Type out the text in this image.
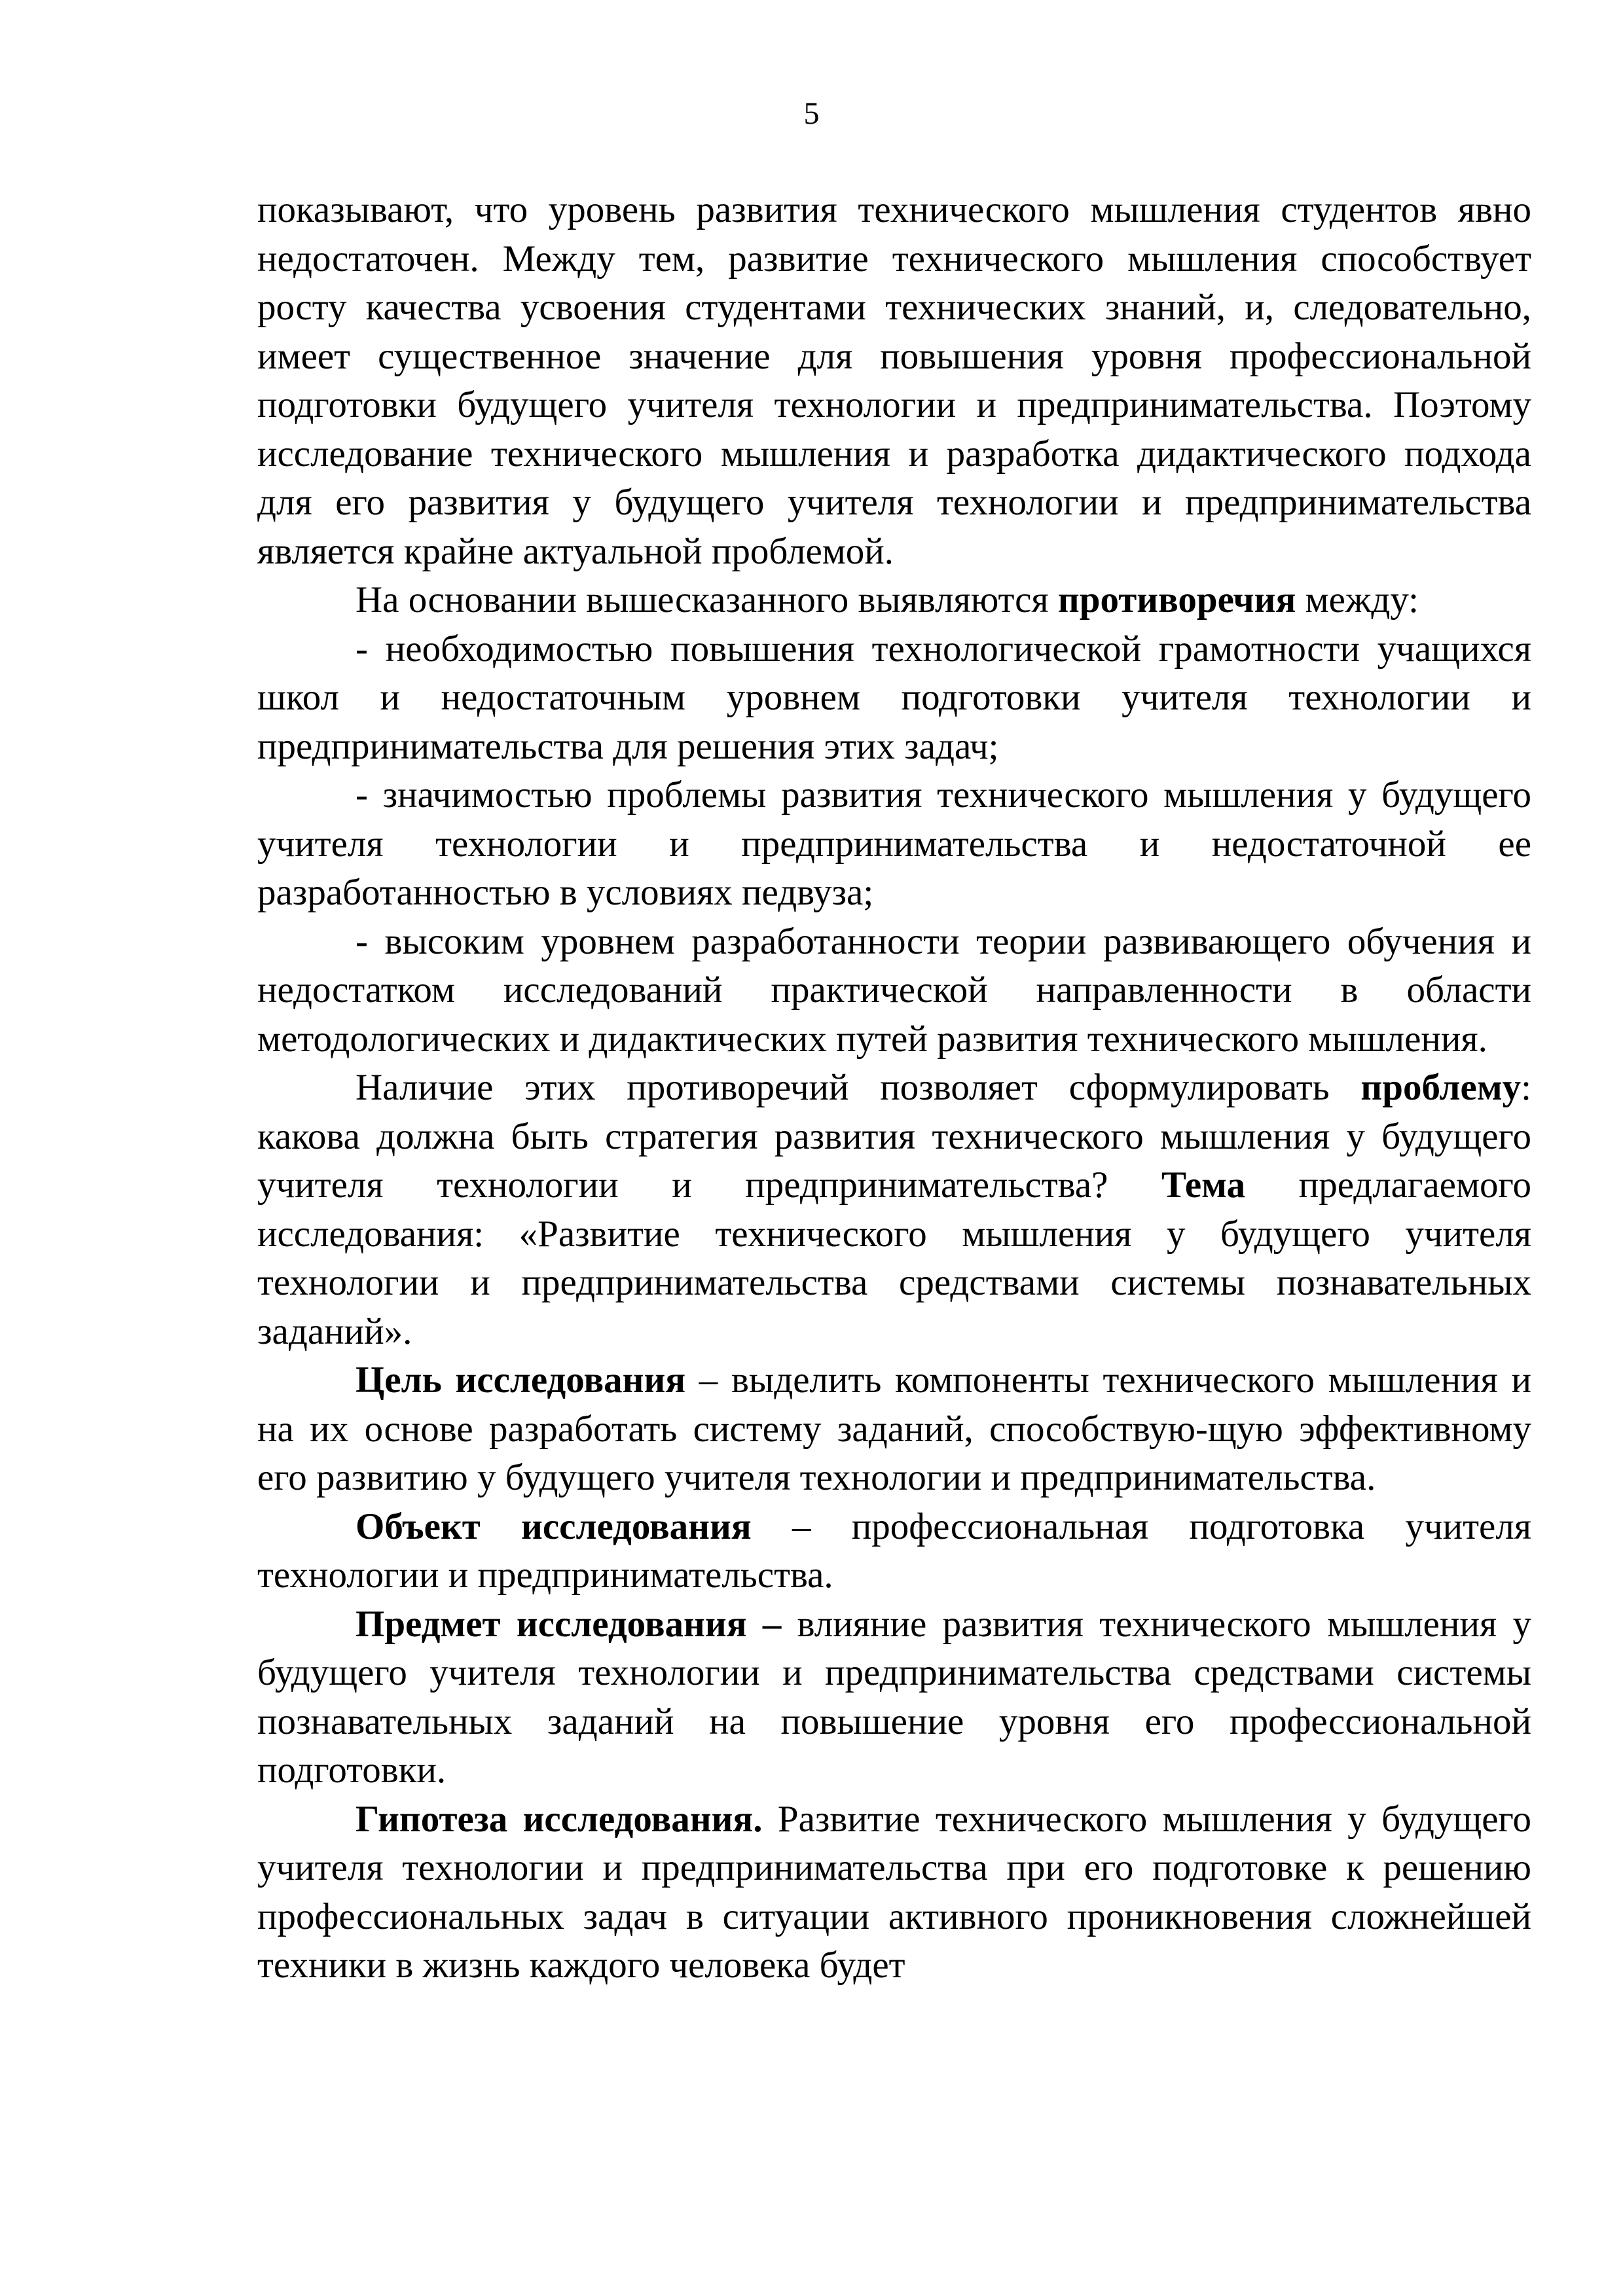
5

показывают, что уровень развития технического мышления студентов явно недостаточен. Между тем, развитие технического мышления способствует росту качества усвоения студентами технических знаний, и, следовательно, имеет существенное значение для повышения уровня профессиональной подготовки будущего учителя технологии и предпринимательства. Поэтому исследование технического мышления и разработка дидактического подхода для его развития у будущего учителя технологии и предпринимательства является крайне актуальной проблемой.

На основании вышесказанного выявляются противоречия между:

- необходимостью повышения технологической грамотности учащихся школ и недостаточным уровнем подготовки учителя технологии и предпринимательства для решения этих задач;

- значимостью проблемы развития технического мышления у будущего учителя технологии и предпринимательства и недостаточной ее разработанностью в условиях педвуза;

- высоким уровнем разработанности теории развивающего обучения и недостатком исследований практической направленности в области методологических и дидактических путей развития технического мышления.

Наличие этих противоречий позволяет сформулировать проблему: какова должна быть стратегия развития технического мышления у будущего учителя технологии и предпринимательства? Тема предлагаемого исследования: «Развитие технического мышления у будущего учителя технологии и предпринимательства средствами системы познавательных заданий».

Цель исследования – выделить компоненты технического мышления и на их основе разработать систему заданий, способствую-щую эффективному его развитию у будущего учителя технологии и предпринимательства.

Объект исследования – профессиональная подготовка учителя технологии и предпринимательства.

Предмет исследования – влияние развития технического мышления у будущего учителя технологии и предпринимательства средствами системы познавательных заданий на повышение уровня его профессиональной подготовки.

Гипотеза исследования. Развитие технического мышления у будущего учителя технологии и предпринимательства при его подготовке к решению профессиональных задач в ситуации активного проникновения сложнейшей техники в жизнь каждого человека будет
